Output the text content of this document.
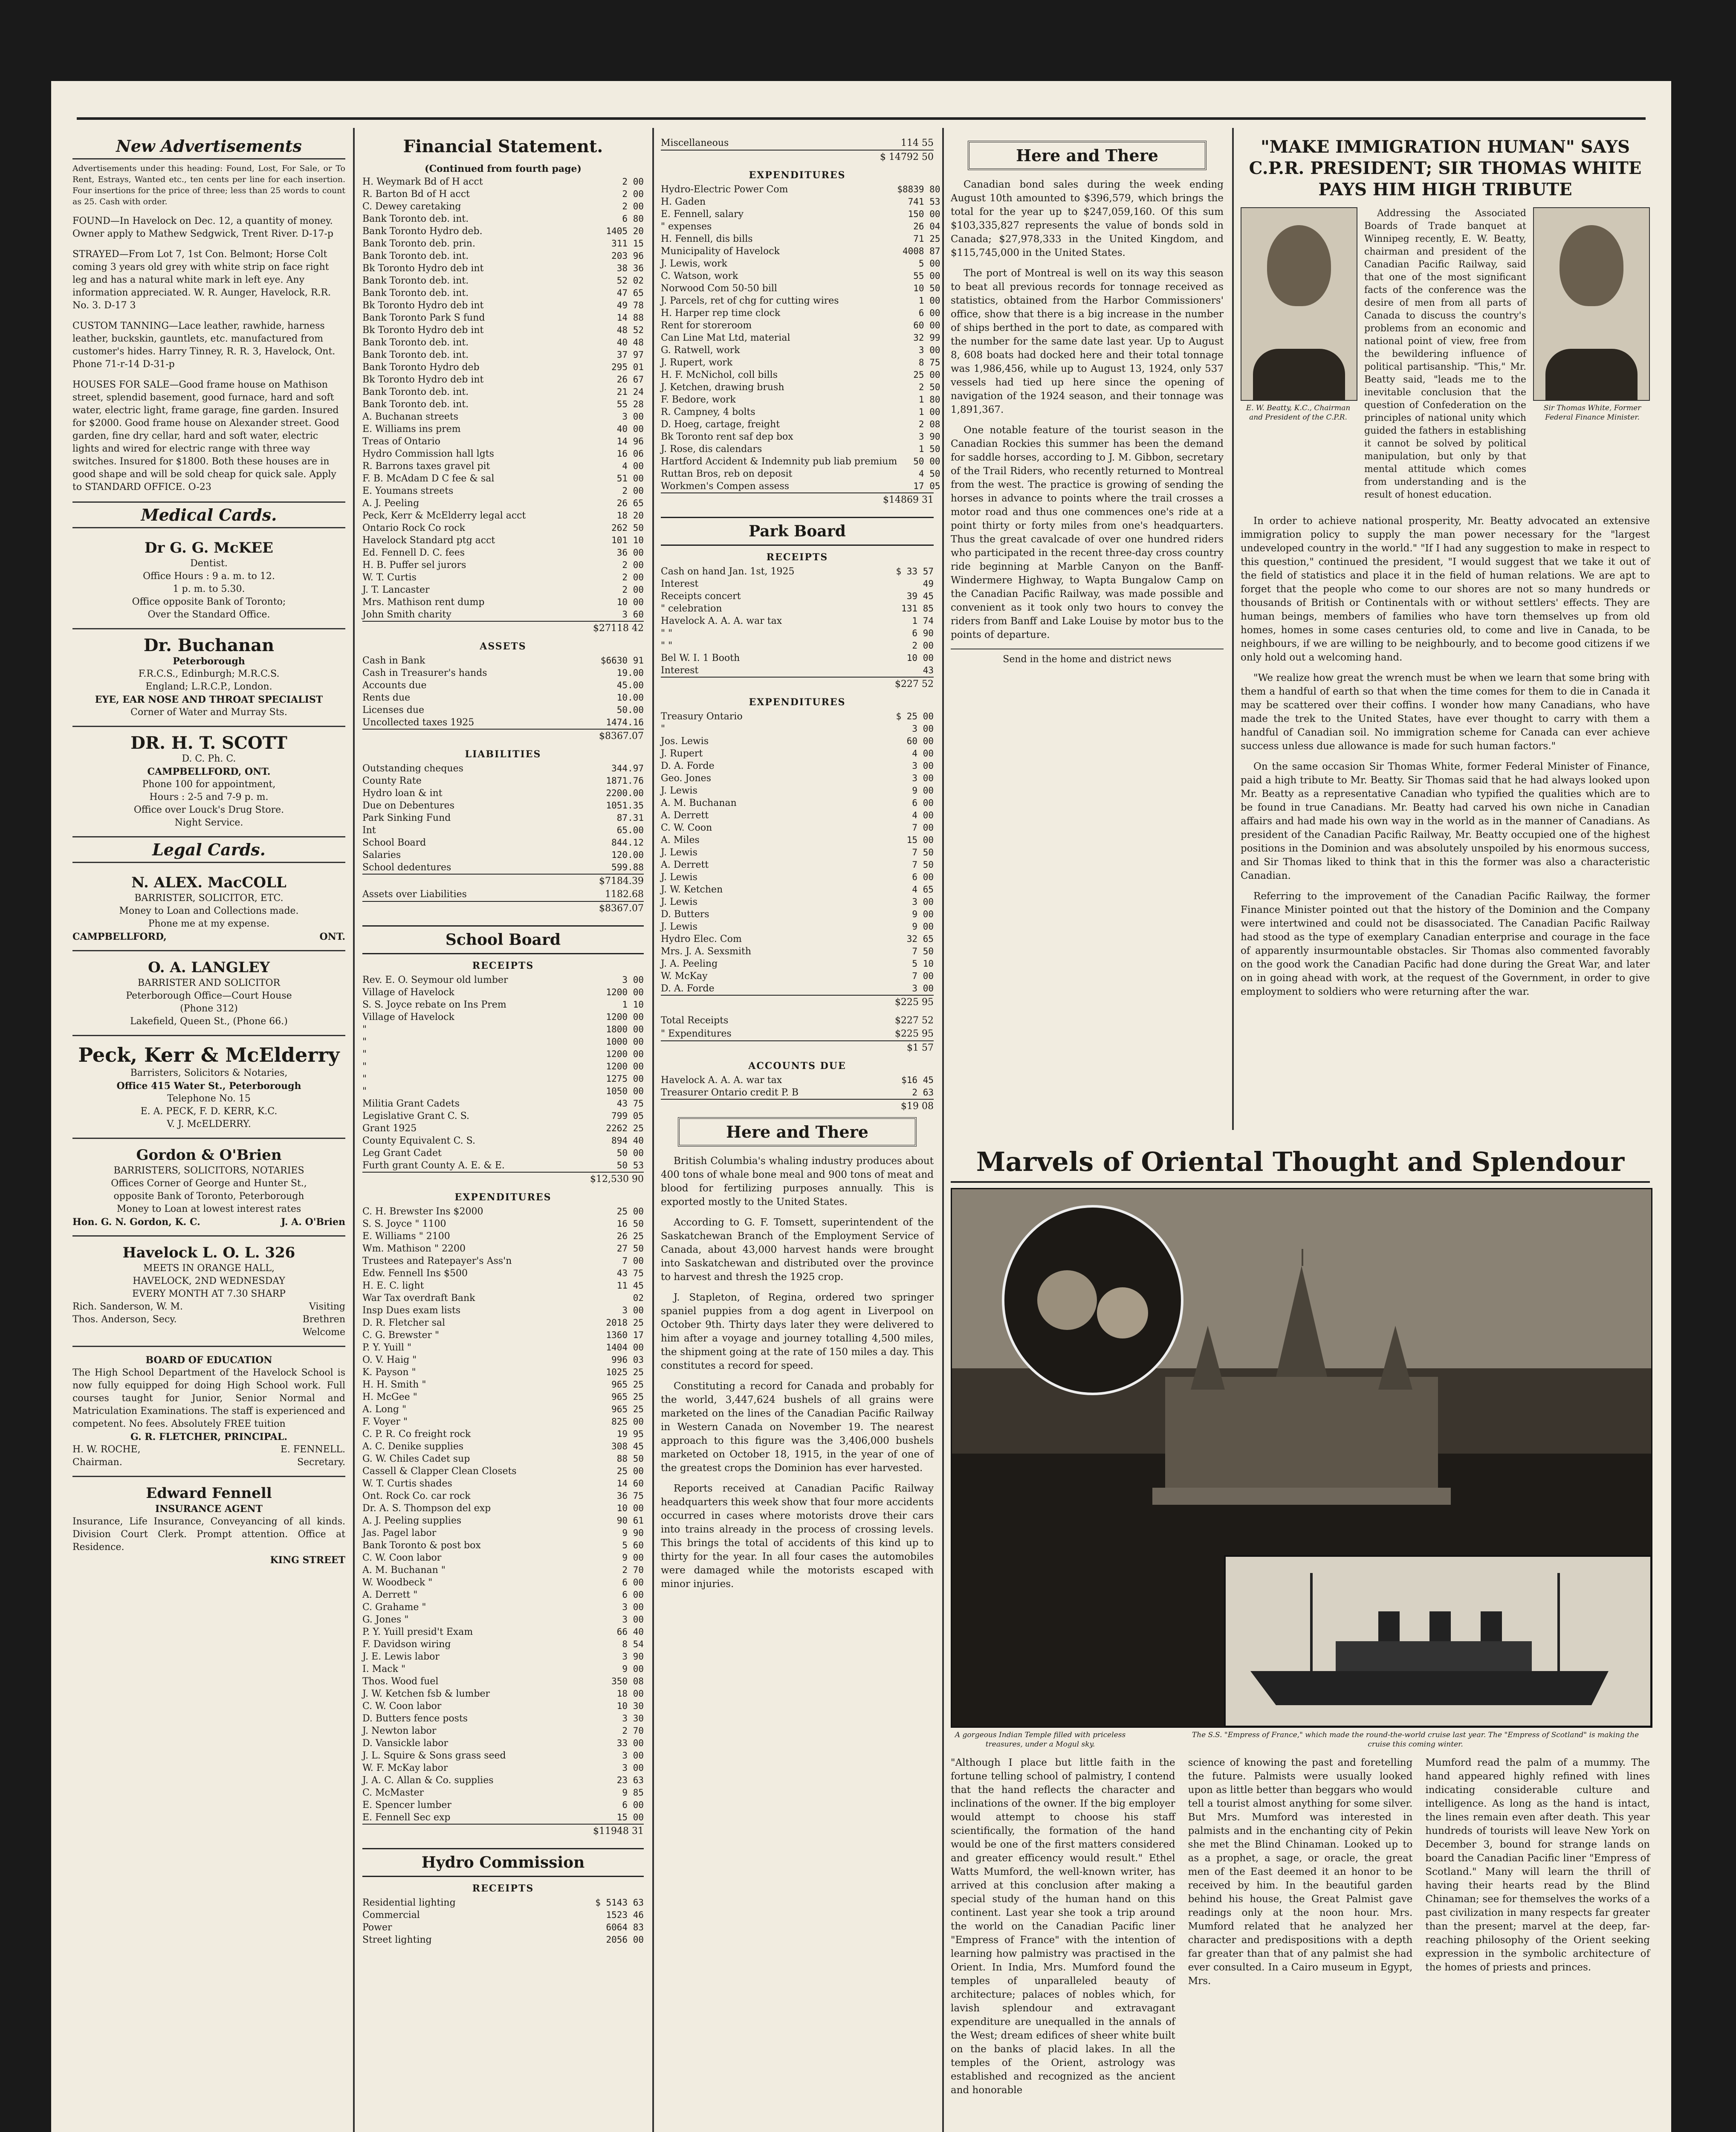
New Advertisements
Advertisements under this heading: Found, Lost, For Sale, or To Rent, Estrays, Wanted etc., ten cents per line for each insertion. Four insertions for the price of three; less than 25 words to count as 25. Cash with order.
FOUND—In Havelock on Dec. 12, a quantity of money. Owner apply to Mathew Sedgwick, Trent River. D-17-p
STRAYED—From Lot 7, 1st Con. Belmont; Horse Colt coming 3 years old grey with white strip on face right leg and has a natural white mark in left eye. Any information appreciated. W. R. Aunger, Havelock, R.R. No. 3. D-17 3
CUSTOM TANNING—Lace leather, rawhide, harness leather, buckskin, gauntlets, etc. manufactured from customer's hides. Harry Tinney, R. R. 3, Havelock, Ont. Phone 71-r-14 D-31-p
HOUSES FOR SALE—Good frame house on Mathison street, splendid basement, good furnace, hard and soft water, electric light, frame garage, fine garden. Insured for $2000. Good frame house on Alexander street. Good garden, fine dry cellar, hard and soft water, electric lights and wired for electric range with three way switches. Insured for $1800. Both these houses are in good shape and will be sold cheap for quick sale. Apply to STANDARD OFFICE. O-23
Medical Cards.
Dr G. G. McKEE
Dentist.
Office Hours : 9 a. m. to 12.
1 p. m. to 5.30.
Office opposite Bank of Toronto;
Over the Standard Office.
Dr. Buchanan
Peterborough
F.R.C.S., Edinburgh; M.R.C.S.
England; L.R.C.P., London.
EYE, EAR NOSE AND THROAT SPECIALIST
Corner of Water and Murray Sts.
DR. H. T. SCOTT
D. C. Ph. C.
CAMPBELLFORD, ONT.
Phone 100 for appointment,
Hours : 2-5 and 7-9 p. m.
Office over Louck's Drug Store.
Night Service.
Legal Cards.
N. ALEX. MacCOLL
BARRISTER, SOLICITOR, ETC.
Money to Loan and Collections made.
Phone me at my expense.
CAMPBELLFORD,	ONT.
O. A. LANGLEY
BARRISTER AND SOLICITOR
Peterborough Office—Court House
(Phone 312)
Lakefield, Queen St., (Phone 66.)
Peck, Kerr & McElderry
Barristers, Solicitors & Notaries,
Office 415 Water St., Peterborough
Telephone No. 15
E. A. PECK, F. D. KERR, K.C.
V. J. McELDERRY.
Gordon & O'Brien
BARRISTERS, SOLICITORS, NOTARIES
Offices Corner of George and Hunter St.,
opposite Bank of Toronto, Peterborough
Money to Loan at lowest interest rates
Hon. G. N. Gordon, K. C.	J. A. O'Brien
Havelock L. O. L. 326
MEETS IN ORANGE HALL,
HAVELOCK, 2ND WEDNESDAY
EVERY MONTH AT 7.30 SHARP
Rich. Sanderson, W. M.	Visiting
Thos. Anderson, Secy.	Brethren
Welcome
BOARD OF EDUCATION
The High School Department of the Havelock School is now fully equipped for doing High School work. Full courses taught for Junior, Senior Normal and Matriculation Examinations. The staff is experienced and competent. No fees. Absolutely FREE tuition
G. R. FLETCHER, PRINCIPAL.
H. W. ROCHE,	E. FENNELL.
Chairman.	Secretary.
Edward Fennell
INSURANCE AGENT
Insurance, Life Insurance, Conveyancing of all kinds. Division Court Clerk. Prompt attention. Office at Residence.
KING STREET
Financial Statement.
(Continued from fourth page)
H. Weymark Bd of H acct	2 00
R. Barton Bd of H acct	2 00
C. Dewey caretaking	2 00
Bank Toronto deb. int.	6 80
Bank Toronto Hydro deb.	1405 20
Bank Toronto deb. prin.	311 15
Bank Toronto deb. int.	203 96
Bk Toronto Hydro deb int	38 36
Bank Toronto deb. int.	52 02
Bank Toronto deb. int.	47 65
Bk Toronto Hydro deb int	49 78
Bank Toronto Park S fund	14 88
Bk Toronto Hydro deb int	48 52
Bank Toronto deb. int.	40 48
Bank Toronto deb. int.	37 97
Bank Toronto Hydro deb	295 01
Bk Toronto Hydro deb int	26 67
Bank Toronto deb. int.	21 24
Bank Toronto deb. int.	55 28
A. Buchanan streets	3 00
E. Williams ins prem	40 00
Treas of Ontario	14 96
Hydro Commission hall lgts	16 06
R. Barrons taxes gravel pit	4 00
F. B. McAdam D C fee & sal	51 00
E. Youmans streets	2 00
A. J. Peeling	26 65
Peck, Kerr & McElderry legal acct	18 20
Ontario Rock Co rock	262 50
Havelock Standard ptg acct	101 10
Ed. Fennell D. C. fees	36 00
H. B. Puffer sel jurors	2 00
W. T. Curtis	2 00
J. T. Lancaster	2 00
Mrs. Mathison rent dump	10 00
John Smith charity	3 60
$27118 42
ASSETS
Cash in Bank	$6630 91
Cash in Treasurer's hands	19.00
Accounts due	45.00
Rents due	10.00
Licenses due	50.00
Uncollected taxes 1925	1474.16
$8367.07
LIABILITIES
Outstanding cheques	344.97
County Rate	1871.76
Hydro loan & int	2200.00
Due on Debentures	1051.35
Park Sinking Fund	87.31
Int	65.00
School Board	844.12
Salaries	120.00
School dedentures	599.88
$7184.39
Assets over Liabilities	1182.68
$8367.07
School Board
RECEIPTS
Rev. E. O. Seymour old lumber	3 00
Village of Havelock	1200 00
S. S. Joyce rebate on Ins Prem	1 10
Village of Havelock	1200 00
"	1800 00
"	1000 00
"	1200 00
"	1200 00
"	1275 00
"	1050 00
Militia Grant Cadets	43 75
Legislative Grant C. S.	799 05
Grant 1925	2262 25
County Equivalent C. S.	894 40
Leg Grant Cadet	50 00
Furth grant County A. E. & E.	50 53
$12,530 90
EXPENDITURES
C. H. Brewster Ins $2000	25 00
S. S. Joyce " 1100	16 50
E. Williams " 2100	26 25
Wm. Mathison " 2200	27 50
Trustees and Ratepayer's Ass'n	7 00
Edw. Fennell Ins $500	43 75
H. E. C. light	11 45
War Tax overdraft Bank	02
Insp Dues exam lists	3 00
D. R. Fletcher sal	2018 25
C. G. Brewster "	1360 17
P. Y. Yuill "	1404 00
O. V. Haig "	996 03
K. Payson "	1025 25
H. H. Smith "	965 25
H. McGee "	965 25
A. Long "	965 25
F. Voyer "	825 00
C. P. R. Co freight rock	19 95
A. C. Denike supplies	308 45
G. W. Chiles Cadet sup	88 50
Cassell & Clapper Clean Closets	25 00
W. T. Curtis shades	14 60
Ont. Rock Co. car rock	36 75
Dr. A. S. Thompson del exp	10 00
A. J. Peeling supplies	90 61
Jas. Pagel labor	9 90
Bank Toronto & post box	5 60
C. W. Coon labor	9 00
A. M. Buchanan "	2 70
W. Woodbeck "	6 00
A. Derrett "	6 00
C. Grahame "	3 00
G. Jones "	3 00
P. Y. Yuill presid't Exam	66 40
F. Davidson wiring	8 54
J. E. Lewis labor	3 90
I. Mack "	9 00
Thos. Wood fuel	350 08
J. W. Ketchen fsb & lumber	18 00
C. W. Coon labor	10 30
D. Butters fence posts	3 30
J. Newton labor	2 70
D. Vansickle labor	33 00
J. L. Squire & Sons grass seed	3 00
W. F. McKay labor	3 00
J. A. C. Allan & Co. supplies	23 63
C. McMaster	9 85
E. Spencer lumber	6 00
E. Fennell Sec exp	15 00
$11948 31
Hydro Commission
RECEIPTS
Residential lighting	$ 5143 63
Commercial	1523 46
Power	6064 83
Street lighting	2056 00
Miscellaneous	114 55
$ 14792 50
EXPENDITURES
Hydro-Electric Power Com	$8839 80
H. Gaden	741 53
E. Fennell, salary	150 00
" expenses	26 04
H. Fennell, dis bills	71 25
Municipality of Havelock	4008 87
J. Lewis, work	5 00
C. Watson, work	55 00
Norwood Com 50-50 bill	10 50
J. Parcels, ret of chg for cutting wires	1 00
H. Harper rep time clock	6 00
Rent for storeroom	60 00
Can Line Mat Ltd, material	32 99
G. Ratwell, work	3 00
J. Rupert, work	8 75
H. F. McNichol, coll bills	25 00
J. Ketchen, drawing brush	2 50
F. Bedore, work	1 80
R. Campney, 4 bolts	1 00
D. Hoeg, cartage, freight	2 08
Bk Toronto rent saf dep box	3 90
J. Rose, dis calendars	1 50
Hartford Accident & Indemnity pub liab premium	50 00
Ruttan Bros, reb on deposit	4 50
Workmen's Compen assess	17 05
$14869 31
Park Board
RECEIPTS
Cash on hand Jan. 1st, 1925	$ 33 57
Interest	49
Receipts concert	39 45
" celebration	131 85
Havelock A. A. A. war tax	1 74
" "	6 90
" "	2 00
Bel W. I. 1 Booth	10 00
Interest	43
$227 52
EXPENDITURES
Treasury Ontario	$ 25 00
"	3 00
Jos. Lewis	60 00
J. Rupert	4 00
D. A. Forde	3 00
Geo. Jones	3 00
J. Lewis	9 00
A. M. Buchanan	6 00
A. Derrett	4 00
C. W. Coon	7 00
A. Miles	15 00
J. Lewis	7 50
A. Derrett	7 50
J. Lewis	6 00
J. W. Ketchen	4 65
J. Lewis	3 00
D. Butters	9 00
J. Lewis	9 00
Hydro Elec. Com	32 65
Mrs. J. A. Sexsmith	7 50
J. A. Peeling	5 10
W. McKay	7 00
D. A. Forde	3 00
$225 95
Total Receipts	$227 52
" Expenditures	$225 95
$1 57
ACCOUNTS DUE
Havelock A. A. A. war tax	$16 45
Treasurer Ontario credit P. B	2 63
$19 08
Here and There

British Columbia's whaling industry produces about 400 tons of whale bone meal and 900 tons of meat and blood for fertilizing purposes annually. This is exported mostly to the United States.

According to G. F. Tomsett, superintendent of the Saskatchewan Branch of the Employment Service of Canada, about 43,000 harvest hands were brought into Saskatchewan and distributed over the province to harvest and thresh the 1925 crop.

J. Stapleton, of Regina, ordered two springer spaniel puppies from a dog agent in Liverpool on October 9th. Thirty days later they were delivered to him after a voyage and journey totalling 4,500 miles, the shipment going at the rate of 150 miles a day. This constitutes a record for speed.

Constituting a record for Canada and probably for the world, 3,447,624 bushels of all grains were marketed on the lines of the Canadian Pacific Railway in Western Canada on November 19. The nearest approach to this figure was the 3,406,000 bushels marketed on October 18, 1915, in the year of one of the greatest crops the Dominion has ever harvested.

Reports received at Canadian Pacific Railway headquarters this week show that four more accidents occurred in cases where motorists drove their cars into trains already in the process of crossing levels. This brings the total of accidents of this kind up to thirty for the year. In all four cases the automobiles were damaged while the motorists escaped with minor injuries.

Here and There

Canadian bond sales during the week ending August 10th amounted to $396,579, which brings the total for the year up to $247,059,160. Of this sum $103,335,827 represents the value of bonds sold in Canada; $27,978,333 in the United Kingdom, and $115,745,000 in the United States.

The port of Montreal is well on its way this season to beat all previous records for tonnage received as statistics, obtained from the Harbor Commissioners' office, show that there is a big increase in the number of ships berthed in the port to date, as compared with the number for the same date last year. Up to August 8, 608 boats had docked here and their total tonnage was 1,986,456, while up to August 13, 1924, only 537 vessels had tied up here since the opening of navigation of the 1924 season, and their tonnage was 1,891,367.

One notable feature of the tourist season in the Canadian Rockies this summer has been the demand for saddle horses, according to J. M. Gibbon, secretary of the Trail Riders, who recently returned to Montreal from the west. The practice is growing of sending the horses in advance to points where the trail crosses a motor road and thus one commences one's ride at a point thirty or forty miles from one's headquarters. Thus the great cavalcade of over one hundred riders who participated in the recent three-day cross country ride beginning at Marble Canyon on the Banff-Windermere Highway, to Wapta Bungalow Camp on the Canadian Pacific Railway, was made possible and convenient as it took only two hours to convey the riders from Banff and Lake Louise by motor bus to the points of departure.

Send in the home and district news
"MAKE IMMIGRATION HUMAN" SAYS C.P.R. PRESIDENT; SIR THOMAS WHITE PAYS HIM HIGH TRIBUTE
E. W. Beatty, K.C., Chairman and President of the C.P.R.
Sir Thomas White, Former Federal Finance Minister.
Addressing the Associated Boards of Trade banquet at Winnipeg recently, E. W. Beatty, chairman and president of the Canadian Pacific Railway, said that one of the most significant facts of the conference was the desire of men from all parts of Canada to discuss the country's problems from an economic and national point of view, free from the bewildering influence of political partisanship. "This," Mr. Beatty said, "leads me to the inevitable conclusion that the question of Confederation on the principles of national unity which guided the fathers in establishing it cannot be solved by political manipulation, but only by that mental attitude which comes from understanding and is the result of honest education.

In order to achieve national prosperity, Mr. Beatty advocated an extensive immigration policy to supply the man power necessary for the "largest undeveloped country in the world." "If I had any suggestion to make in respect to this question," continued the president, "I would suggest that we take it out of the field of statistics and place it in the field of human relations. We are apt to forget that the people who come to our shores are not so many hundreds or thousands of British or Continentals with or without settlers' effects. They are human beings, members of families who have torn themselves up from old homes, homes in some cases centuries old, to come and live in Canada, to be neighbours, if we are willing to be neighbourly, and to become good citizens if we only hold out a welcoming hand.

"We realize how great the wrench must be when we learn that some bring with them a handful of earth so that when the time comes for them to die in Canada it may be scattered over their coffins. I wonder how many Canadians, who have made the trek to the United States, have ever thought to carry with them a handful of Canadian soil. No immigration scheme for Canada can ever achieve success unless due allowance is made for such human factors."

On the same occasion Sir Thomas White, former Federal Minister of Finance, paid a high tribute to Mr. Beatty. Sir Thomas said that he had always looked upon Mr. Beatty as a representative Canadian who typified the qualities which are to be found in true Canadians. Mr. Beatty had carved his own niche in Canadian affairs and had made his own way in the world as in the manner of Canadians. As president of the Canadian Pacific Railway, Mr. Beatty occupied one of the highest positions in the Dominion and was absolutely unspoiled by his enormous success, and Sir Thomas liked to think that in this the former was also a characteristic Canadian.

Referring to the improvement of the Canadian Pacific Railway, the former Finance Minister pointed out that the history of the Dominion and the Company were intertwined and could not be disassociated. The Canadian Pacific Railway had stood as the type of exemplary Canadian enterprise and courage in the face of apparently insurmountable obstacles. Sir Thomas also commented favorably on the good work the Canadian Pacific had done during the Great War, and later on in going ahead with work, at the request of the Government, in order to give employment to soldiers who were returning after the war.

Marvels of Oriental Thought and Splendour
A gorgeous Indian Temple filled with priceless treasures, under a Mogul sky.
The S.S. "Empress of France," which made the round-the-world cruise last year. The "Empress of Scotland" is making the cruise this coming winter.
"Although I place but little faith in the fortune telling school of palmistry, I contend that the hand reflects the character and inclinations of the owner. If the big employer would attempt to choose his staff scientifically, the formation of the hand would be one of the first matters considered and greater efficency would result." Ethel Watts Mumford, the well-known writer, has arrived at this conclusion after making a special study of the human hand on this continent. Last year she took a trip around the world on the Canadian Pacific liner "Empress of France" with the intention of learning how palmistry was practised in the Orient. In India, Mrs. Mumford found the temples of unparalleled beauty of architecture; palaces of nobles which, for lavish splendour and extravagant expenditure are unequalled in the annals of the West; dream edifices of sheer white built on the banks of placid lakes. In all the temples of the Orient, astrology was established and recognized as the ancient and honorable
science of knowing the past and foretelling the future. Palmists were usually looked upon as little better than beggars who would tell a tourist almost anything for some silver. But Mrs. Mumford was interested in palmists and in the enchanting city of Pekin she met the Blind Chinaman. Looked up to as a prophet, a sage, or oracle, the great men of the East deemed it an honor to be received by him. In the beautiful garden behind his house, the Great Palmist gave readings only at the noon hour. Mrs. Mumford related that he analyzed her character and predispositions with a depth far greater than that of any palmist she had ever consulted. In a Cairo museum in Egypt, Mrs.
Mumford read the palm of a mummy. The hand appeared highly refined with lines indicating considerable culture and intelligence. As long as the hand is intact, the lines remain even after death. This year hundreds of tourists will leave New York on December 3, bound for strange lands on board the Canadian Pacific liner "Empress of Scotland." Many will learn the thrill of having their hearts read by the Blind Chinaman; see for themselves the works of a past civilization in many respects far greater than the present; marvel at the deep, far-reaching philosophy of the Orient seeking expression in the symbolic architecture of the homes of priests and princes.
